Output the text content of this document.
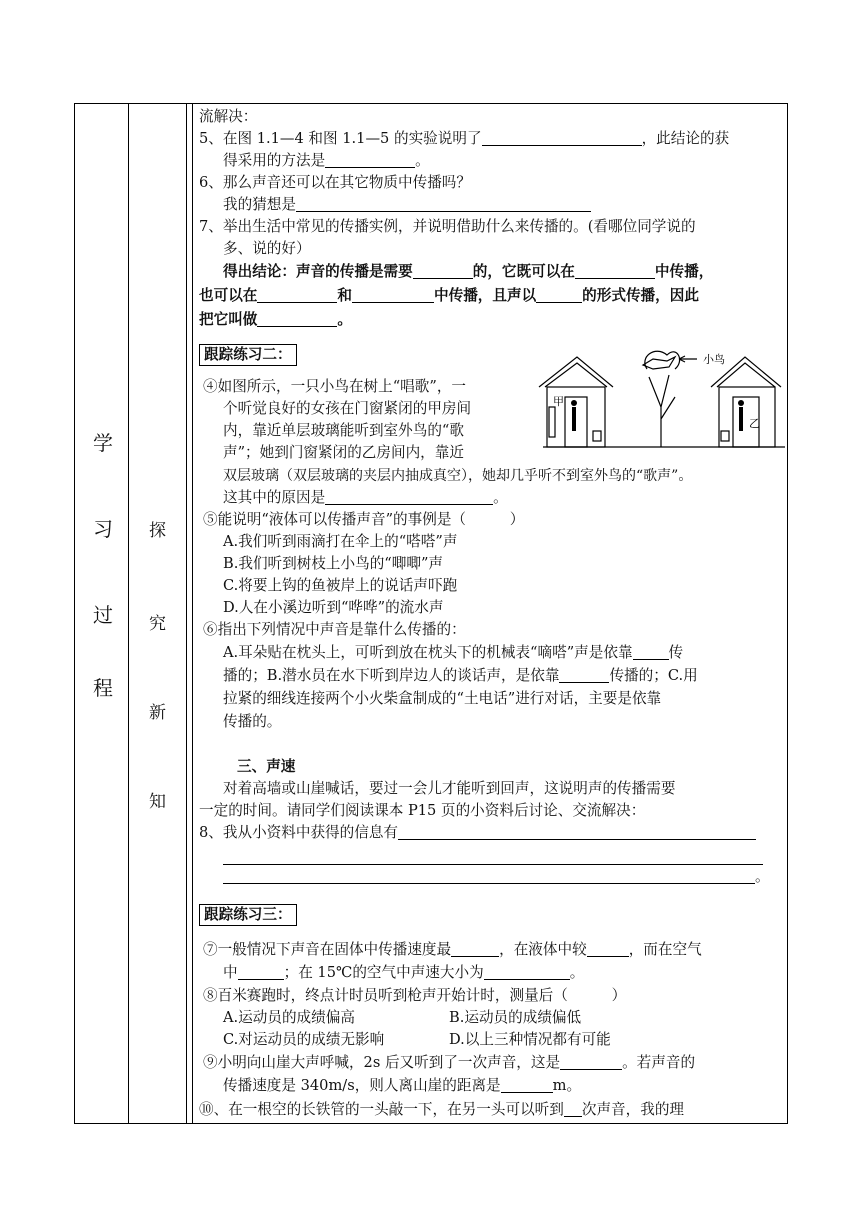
学
习
过
程
探
究
新
知
流解决：
5、在图 1.1—4 和图 1.1—5 的实验说明了	，此结论的获
得采用的方法是	。
6、那么声音还可以在其它物质中传播吗？
我的猜想是
7、举出生活中常见的传播实例，并说明借助什么来传播的。(看哪位同学说的
多、说的好）
得出结论：声音的传播是需要	的，它既可以在	中传播，
也可以在	和	中传播，且声以	的形式传播，因此
把它叫做	。
跟踪练习二：
④如图所示，一只小鸟在树上“唱歌”，一
个听觉良好的女孩在门窗紧闭的甲房间
内，靠近单层玻璃能听到室外鸟的“歌
声”；她到门窗紧闭的乙房间内，靠近
双层玻璃（双层玻璃的夹层内抽成真空），她却几乎听不到室外鸟的“歌声”。
这其中的原因是	。
小鸟
甲
乙
⑤能说明“液体可以传播声音”的事例是（　　　）
A.我们听到雨滴打在伞上的“嗒嗒”声
B.我们听到树枝上小鸟的“唧唧”声
C.将要上钩的鱼被岸上的说话声吓跑
D.人在小溪边听到“哗哗”的流水声
⑥指出下列情况中声音是靠什么传播的：
A.耳朵贴在枕头上，可听到放在枕头下的机械表“嘀嗒”声是依靠 传
播的；B.潜水员在水下听到岸边人的谈话声，是依靠	传播的；C.用
拉紧的细线连接两个小火柴盒制成的“土电话”进行对话，主要是依靠
传播的。
三、声速
对着高墙或山崖喊话，要过一会儿才能听到回声，这说明声的传播需要
一定的时间。请同学们阅读课本 P15 页的小资料后讨论、交流解决：
8、我从小资料中获得的信息有
。
跟踪练习三：
⑦一般情况下声音在固体中传播速度最	，在液体中较	，而在空气
中	；在 15℃的空气中声速大小为	。
⑧百米赛跑时，终点计时员听到枪声开始计时，测量后（　　　）
A.运动员的成绩偏高	B.运动员的成绩偏低
C.对运动员的成绩无影响	D.以上三种情况都有可能
⑨小明向山崖大声呼喊，2s 后又听到了一次声音，这是	。若声音的
传播速度是 340m/s，则人离山崖的距离是	m。
⑩、在一根空的长铁管的一头敲一下，在另一头可以听到 次声音，我的理
